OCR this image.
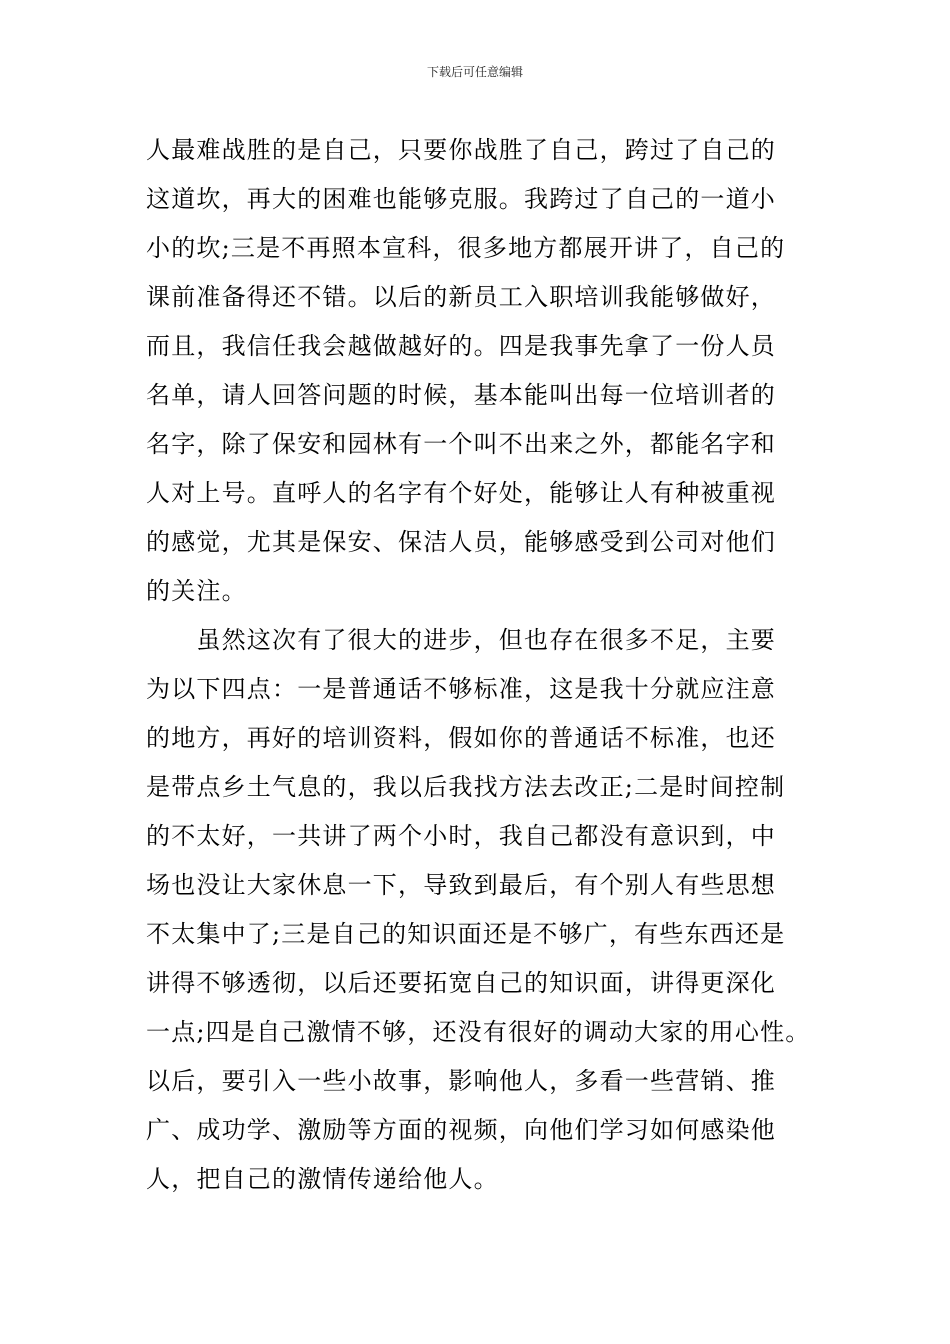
下载后可任意编辑
人最难战胜的是自己，只要你战胜了自己，跨过了自己的
这道坎，再大的困难也能够克服。我跨过了自己的一道小
小的坎;三是不再照本宣科，很多地方都展开讲了，自己的
课前准备得还不错。以后的新员工入职培训我能够做好，
而且，我信任我会越做越好的。四是我事先拿了一份人员
名单，请人回答问题的时候，基本能叫出每一位培训者的
名字，除了保安和园林有一个叫不出来之外，都能名字和
人对上号。直呼人的名字有个好处，能够让人有种被重视
的感觉，尤其是保安、保洁人员，能够感受到公司对他们
的关注。
　　虽然这次有了很大的进步，但也存在很多不足，主要
为以下四点：一是普通话不够标准，这是我十分就应注意
的地方，再好的培训资料，假如你的普通话不标准，也还
是带点乡土气息的，我以后我找方法去改正;二是时间控制
的不太好，一共讲了两个小时，我自己都没有意识到，中
场也没让大家休息一下，导致到最后，有个别人有些思想
不太集中了;三是自己的知识面还是不够广，有些东西还是
讲得不够透彻，以后还要拓宽自己的知识面，讲得更深化
一点;四是自己激情不够，还没有很好的调动大家的用心性。
以后，要引入一些小故事，影响他人，多看一些营销、推
广、成功学、激励等方面的视频，向他们学习如何感染他
人，把自己的激情传递给他人。
